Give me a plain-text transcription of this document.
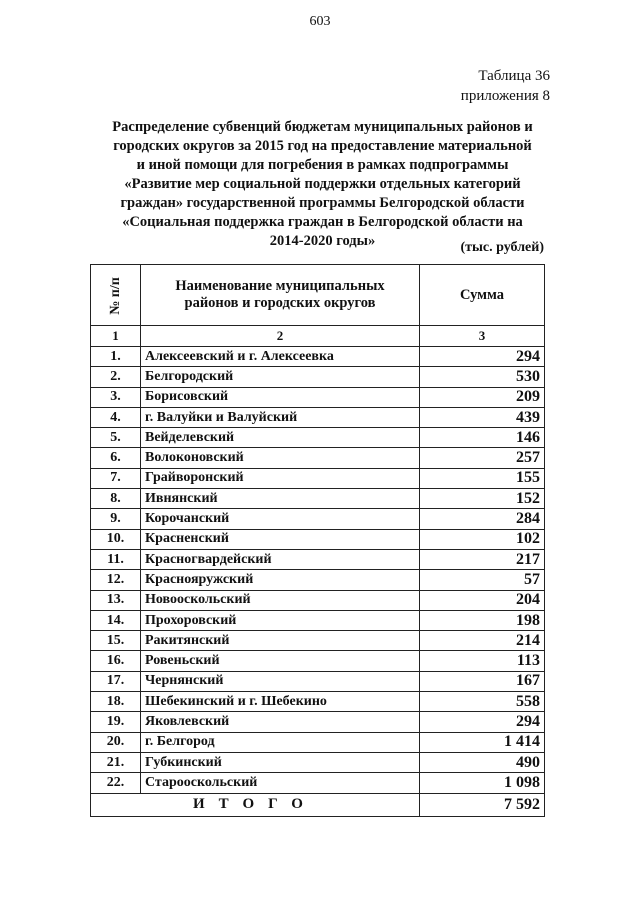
603
Таблица 36
приложения 8
Распределение субвенций бюджетам муниципальных районов и
городских округов за 2015 год на предоставление материальной
и иной помощи для погребения в рамках подпрограммы
«Развитие мер социальной поддержки отдельных категорий
граждан» государственной программы Белгородской области
«Социальная поддержка граждан в Белгородской области на
2014-2020 годы»	(тыс. рублей)
№ п/п	Наименование муниципальных
районов и городских округов	Сумма
1	2	3
1.	Алексеевский и г. Алексеевка	294
2.	Белгородский	530
3.	Борисовский	209
4.	г. Валуйки и Валуйский	439
5.	Вейделевский	146
6.	Волоконовский	257
7.	Грайворонский	155
8.	Ивнянский	152
9.	Корочанский	284
10.	Красненский	102
11.	Красногвардейский	217
12.	Краснояружский	57
13.	Новооскольский	204
14.	Прохоровский	198
15.	Ракитянский	214
16.	Ровеньский	113
17.	Чернянский	167
18.	Шебекинский и г. Шебекино	558
19.	Яковлевский	294
20.	г. Белгород	1 414
21.	Губкинский	490
22.	Старооскольский	1 098
ИТОГО		7 592
